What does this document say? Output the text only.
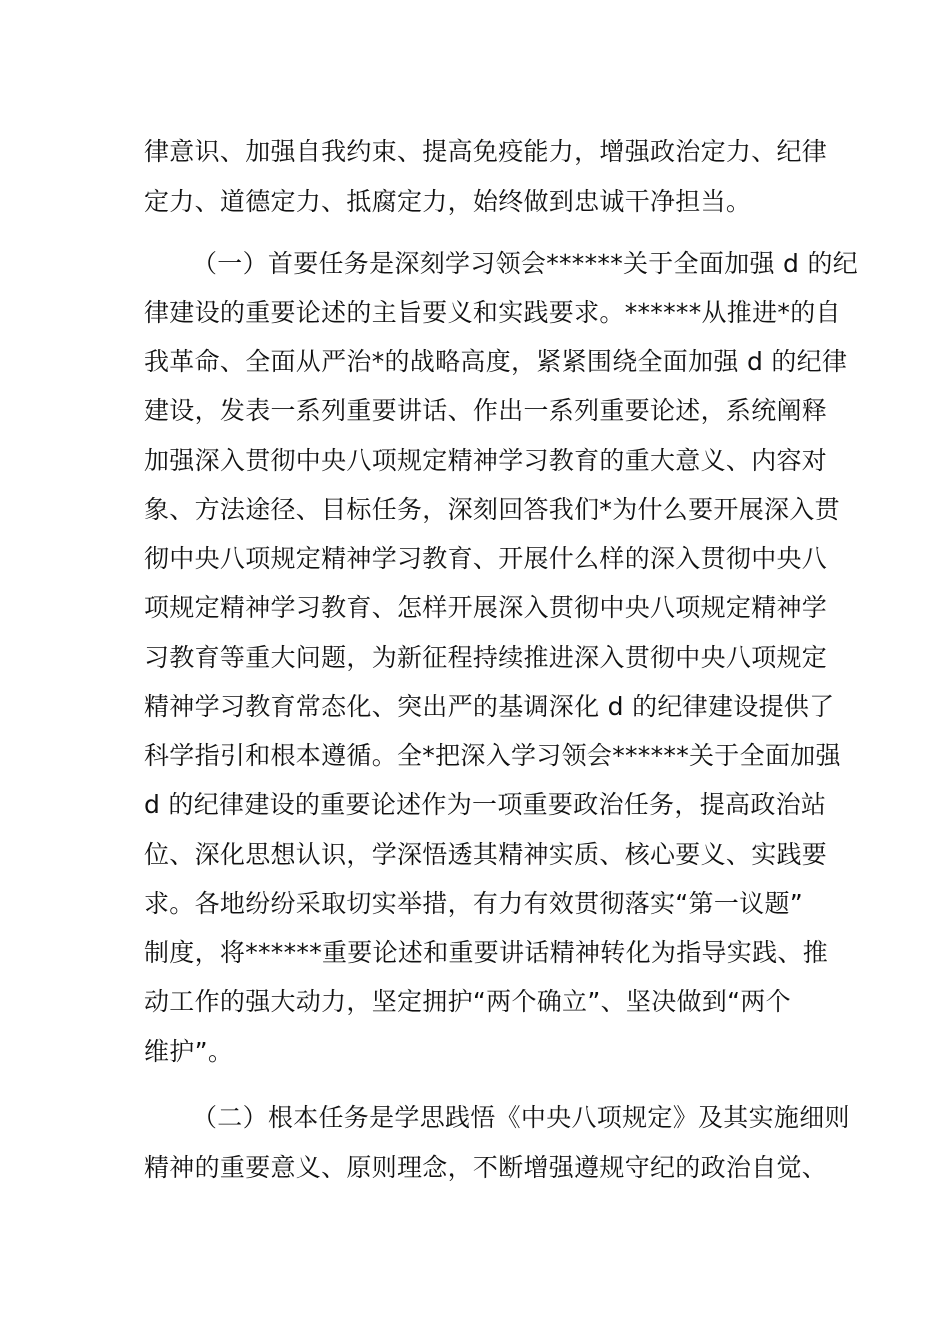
律意识、加强自我约束、提高免疫能力，增强政治定力、纪律
定力、道德定力、抵腐定力，始终做到忠诚干净担当。
（一）首要任务是深刻学习领会******关于全面加强 d 的纪
律建设的重要论述的主旨要义和实践要求。******从推进*的自
我革命、全面从严治*的战略高度，紧紧围绕全面加强 d 的纪律
建设，发表一系列重要讲话、作出一系列重要论述，系统阐释
加强深入贯彻中央八项规定精神学习教育的重大意义、内容对
象、方法途径、目标任务，深刻回答我们*为什么要开展深入贯
彻中央八项规定精神学习教育、开展什么样的深入贯彻中央八
项规定精神学习教育、怎样开展深入贯彻中央八项规定精神学
习教育等重大问题，为新征程持续推进深入贯彻中央八项规定
精神学习教育常态化、突出严的基调深化 d 的纪律建设提供了
科学指引和根本遵循。全*把深入学习领会******关于全面加强
d 的纪律建设的重要论述作为一项重要政治任务，提高政治站
位、深化思想认识，学深悟透其精神实质、核心要义、实践要
求。各地纷纷采取切实举措，有力有效贯彻落实“第一议题”
制度，将******重要论述和重要讲话精神转化为指导实践、推
动工作的强大动力，坚定拥护“两个确立”、坚决做到“两个
维护”。
（二）根本任务是学思践悟《中央八项规定》及其实施细则
精神的重要意义、原则理念，不断增强遵规守纪的政治自觉、
